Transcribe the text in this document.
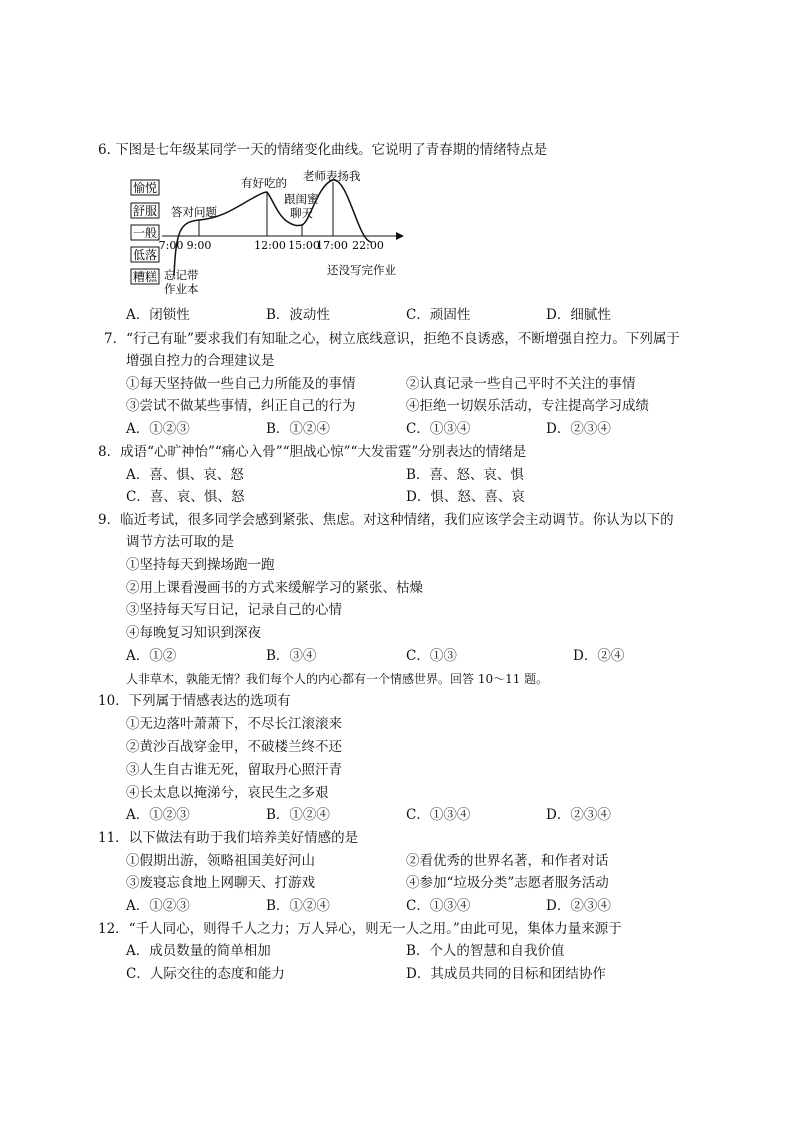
6. 下图是七年级某同学一天的情绪变化曲线。它说明了青春期的情绪特点是
愉悦
舒服
一般
低落
糟糕
7:00 9:00	12:00 15:00
17:00 22:00
忘记带
作业本
答对问题
有好吃的
跟闺蜜
聊天
老师表扬我
还没写完作业
A．闭锁性	B．波动性	C．顽固性	D．细腻性
7．“行己有耻”要求我们有知耻之心，树立底线意识，拒绝不良诱惑，不断增强自控力。下列属于
增强自控力的合理建议是
①每天坚持做一些自己力所能及的事情	②认真记录一些自己平时不关注的事情
③尝试不做某些事情，纠正自己的行为	④拒绝一切娱乐活动，专注提高学习成绩
A．①②③	B．①②④	C．①③④	D．②③④
8．成语“心旷神怡”“痛心入骨”“胆战心惊”“大发雷霆”分别表达的情绪是
A．喜、惧、哀、怒	B．喜、怒、哀、惧
C．喜、哀、惧、怒	D．惧、怒、喜、哀
9．临近考试，很多同学会感到紧张、焦虑。对这种情绪，我们应该学会主动调节。你认为以下的
调节方法可取的是
①坚持每天到操场跑一跑
②用上课看漫画书的方式来缓解学习的紧张、枯燥
③坚持每天写日记，记录自己的心情
④每晚复习知识到深夜
A．①②	B．③④	C．①③	D．②④
人非草木，孰能无情？我们每个人的内心都有一个情感世界。回答 10～11 题。
10．下列属于情感表达的选项有
①无边落叶萧萧下，不尽长江滚滚来
②黄沙百战穿金甲，不破楼兰终不还
③人生自古谁无死，留取丹心照汗青
④长太息以掩涕兮，哀民生之多艰
A．①②③	B．①②④	C．①③④	D．②③④
11．以下做法有助于我们培养美好情感的是
①假期出游，领略祖国美好河山	②看优秀的世界名著，和作者对话
③废寝忘食地上网聊天、打游戏	④参加“垃圾分类”志愿者服务活动
A．①②③	B．①②④	C．①③④	D．②③④
12．“千人同心，则得千人之力；万人异心，则无一人之用。”由此可见，集体力量来源于
A．成员数量的简单相加	B．个人的智慧和自我价值
C．人际交往的态度和能力	D．其成员共同的目标和团结协作
